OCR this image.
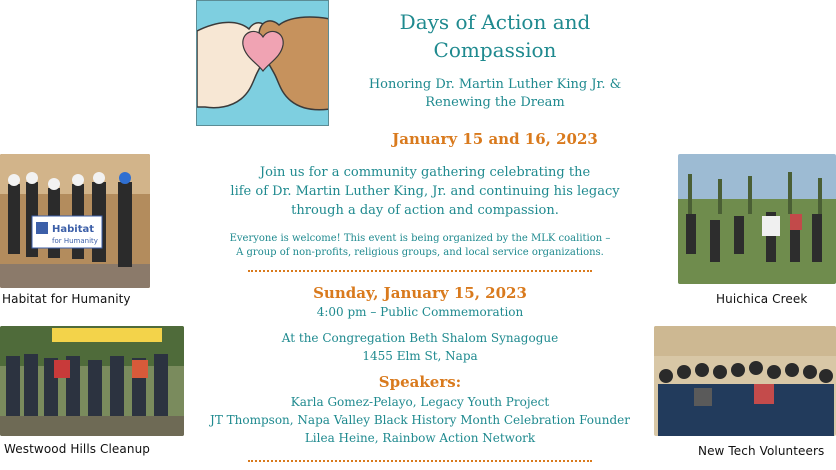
Days of Action and
Compassion
Honoring Dr. Martin Luther King Jr. &
Renewing the Dream
January 15 and 16, 2023
Join us for a community gathering celebrating the
life of Dr. Martin Luther King, Jr. and continuing his legacy
through a day of action and compassion.
Everyone is welcome! This event is being organized by the MLK coalition –
A group of non-profits, religious groups, and local service organizations.
Sunday, January 15, 2023
4:00 pm – Public Commemoration
At the Congregation Beth Shalom Synagogue
1455 Elm St, Napa
Speakers:
Karla Gomez-Pelayo, Legacy Youth Project
JT Thompson, Napa Valley Black History Month Celebration Founder
Lilea Heine, Rainbow Action Network
Habitat
for Humanity
Habitat for Humanity	Huichica Creek
Westwood Hills Cleanup	New Tech Volunteers
